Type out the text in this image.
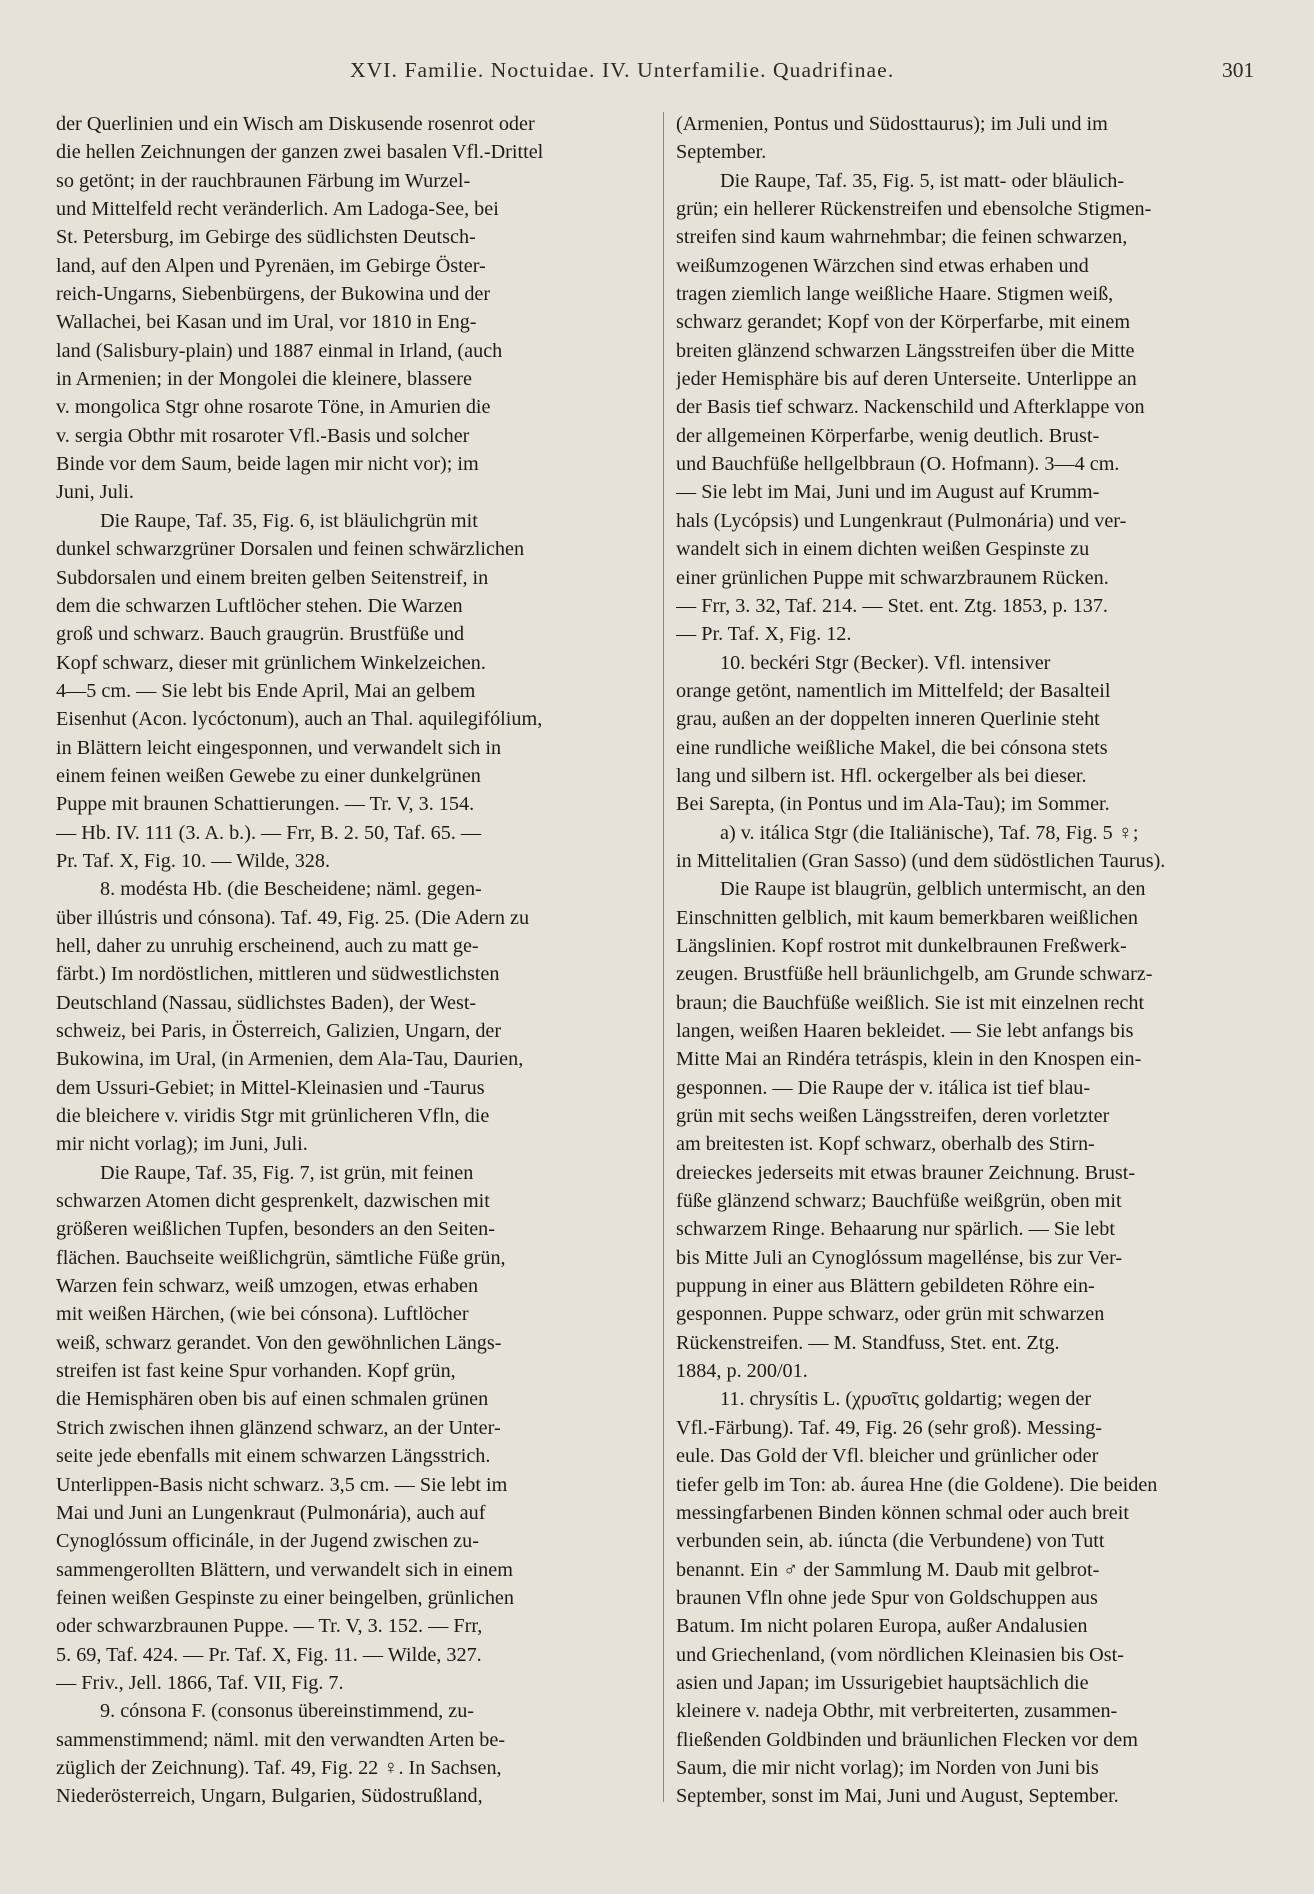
XVI. Familie. Noctuidae. IV. Unterfamilie. Quadrifinae.	301
der Querlinien und ein Wisch am Diskusende rosenrot oder
die hellen Zeichnungen der ganzen zwei basalen Vfl.-Drittel
so getönt; in der rauchbraunen Färbung im Wurzel-
und Mittelfeld recht veränderlich. Am Ladoga-See, bei
St. Petersburg, im Gebirge des südlichsten Deutsch-
land, auf den Alpen und Pyrenäen, im Gebirge Öster-
reich-Ungarns, Siebenbürgens, der Bukowina und der
Wallachei, bei Kasan und im Ural, vor 1810 in Eng-
land (Salisbury-plain) und 1887 einmal in Irland, (auch
in Armenien; in der Mongolei die kleinere, blassere
v. mongolica Stgr ohne rosarote Töne, in Amurien die
v. sergia Obthr mit rosaroter Vfl.-Basis und solcher
Binde vor dem Saum, beide lagen mir nicht vor); im
Juni, Juli.
Die Raupe, Taf. 35, Fig. 6, ist bläulichgrün mit
dunkel schwarzgrüner Dorsalen und feinen schwärzlichen
Subdorsalen und einem breiten gelben Seitenstreif, in
dem die schwarzen Luftlöcher stehen. Die Warzen
groß und schwarz. Bauch graugrün. Brustfüße und
Kopf schwarz, dieser mit grünlichem Winkelzeichen.
4—5 cm. — Sie lebt bis Ende April, Mai an gelbem
Eisenhut (Acon. lycóctonum), auch an Thal. aquilegifólium,
in Blättern leicht eingesponnen, und verwandelt sich in
einem feinen weißen Gewebe zu einer dunkelgrünen
Puppe mit braunen Schattierungen. — Tr. V, 3. 154.
— Hb. IV. 111 (3. A. b.). — Frr, B. 2. 50, Taf. 65. —
Pr. Taf. X, Fig. 10. — Wilde, 328.
8. modésta Hb. (die Bescheidene; näml. gegen-
über illústris und cónsona). Taf. 49, Fig. 25. (Die Adern zu
hell, daher zu unruhig erscheinend, auch zu matt ge-
färbt.) Im nordöstlichen, mittleren und südwestlichsten
Deutschland (Nassau, südlichstes Baden), der West-
schweiz, bei Paris, in Österreich, Galizien, Ungarn, der
Bukowina, im Ural, (in Armenien, dem Ala-Tau, Daurien,
dem Ussuri-Gebiet; in Mittel-Kleinasien und -Taurus
die bleichere v. viridis Stgr mit grünlicheren Vfln, die
mir nicht vorlag); im Juni, Juli.
Die Raupe, Taf. 35, Fig. 7, ist grün, mit feinen
schwarzen Atomen dicht gesprenkelt, dazwischen mit
größeren weißlichen Tupfen, besonders an den Seiten-
flächen. Bauchseite weißlichgrün, sämtliche Füße grün,
Warzen fein schwarz, weiß umzogen, etwas erhaben
mit weißen Härchen, (wie bei cónsona). Luftlöcher
weiß, schwarz gerandet. Von den gewöhnlichen Längs-
streifen ist fast keine Spur vorhanden. Kopf grün,
die Hemisphären oben bis auf einen schmalen grünen
Strich zwischen ihnen glänzend schwarz, an der Unter-
seite jede ebenfalls mit einem schwarzen Längsstrich.
Unterlippen-Basis nicht schwarz. 3,5 cm. — Sie lebt im
Mai und Juni an Lungenkraut (Pulmonária), auch auf
Cynoglóssum officinále, in der Jugend zwischen zu-
sammengerollten Blättern, und verwandelt sich in einem
feinen weißen Gespinste zu einer beingelben, grünlichen
oder schwarzbraunen Puppe. — Tr. V, 3. 152. — Frr,
5. 69, Taf. 424. — Pr. Taf. X, Fig. 11. — Wilde, 327.
— Friv., Jell. 1866, Taf. VII, Fig. 7.
9. cónsona F. (consonus übereinstimmend, zu-
sammenstimmend; näml. mit den verwandten Arten be-
züglich der Zeichnung). Taf. 49, Fig. 22 ♀. In Sachsen,
Niederösterreich, Ungarn, Bulgarien, Südostrußland,
(Armenien, Pontus und Südosttaurus); im Juli und im
September.
Die Raupe, Taf. 35, Fig. 5, ist matt- oder bläulich-
grün; ein hellerer Rückenstreifen und ebensolche Stigmen-
streifen sind kaum wahrnehmbar; die feinen schwarzen,
weißumzogenen Wärzchen sind etwas erhaben und
tragen ziemlich lange weißliche Haare. Stigmen weiß,
schwarz gerandet; Kopf von der Körperfarbe, mit einem
breiten glänzend schwarzen Längsstreifen über die Mitte
jeder Hemisphäre bis auf deren Unterseite. Unterlippe an
der Basis tief schwarz. Nackenschild und Afterklappe von
der allgemeinen Körperfarbe, wenig deutlich. Brust-
und Bauchfüße hellgelbbraun (O. Hofmann). 3—4 cm.
— Sie lebt im Mai, Juni und im August auf Krumm-
hals (Lycópsis) und Lungenkraut (Pulmonária) und ver-
wandelt sich in einem dichten weißen Gespinste zu
einer grünlichen Puppe mit schwarzbraunem Rücken.
— Frr, 3. 32, Taf. 214. — Stet. ent. Ztg. 1853, p. 137.
— Pr. Taf. X, Fig. 12.
10. beckéri Stgr (Becker). Vfl. intensiver
orange getönt, namentlich im Mittelfeld; der Basalteil
grau, außen an der doppelten inneren Querlinie steht
eine rundliche weißliche Makel, die bei cónsona stets
lang und silbern ist. Hfl. ockergelber als bei dieser.
Bei Sarepta, (in Pontus und im Ala-Tau); im Sommer.
a) v. itálica Stgr (die Italiänische), Taf. 78, Fig. 5 ♀;
in Mittelitalien (Gran Sasso) (und dem südöstlichen Taurus).
Die Raupe ist blaugrün, gelblich untermischt, an den
Einschnitten gelblich, mit kaum bemerkbaren weißlichen
Längslinien. Kopf rostrot mit dunkelbraunen Freßwerk-
zeugen. Brustfüße hell bräunlichgelb, am Grunde schwarz-
braun; die Bauchfüße weißlich. Sie ist mit einzelnen recht
langen, weißen Haaren bekleidet. — Sie lebt anfangs bis
Mitte Mai an Rindéra tetráspis, klein in den Knospen ein-
gesponnen. — Die Raupe der v. itálica ist tief blau-
grün mit sechs weißen Längsstreifen, deren vorletzter
am breitesten ist. Kopf schwarz, oberhalb des Stirn-
dreieckes jederseits mit etwas brauner Zeichnung. Brust-
füße glänzend schwarz; Bauchfüße weißgrün, oben mit
schwarzem Ringe. Behaarung nur spärlich. — Sie lebt
bis Mitte Juli an Cynoglóssum magellénse, bis zur Ver-
puppung in einer aus Blättern gebildeten Röhre ein-
gesponnen. Puppe schwarz, oder grün mit schwarzen
Rückenstreifen. — M. Standfuss, Stet. ent. Ztg.
1884, p. 200/01.
11. chrysítis L. (χρυσῖτις goldartig; wegen der
Vfl.-Färbung). Taf. 49, Fig. 26 (sehr groß). Messing-
eule. Das Gold der Vfl. bleicher und grünlicher oder
tiefer gelb im Ton: ab. áurea Hne (die Goldene). Die beiden
messingfarbenen Binden können schmal oder auch breit
verbunden sein, ab. iúncta (die Verbundene) von Tutt
benannt. Ein ♂ der Sammlung M. Daub mit gelbrot-
braunen Vfln ohne jede Spur von Goldschuppen aus
Batum. Im nicht polaren Europa, außer Andalusien
und Griechenland, (vom nördlichen Kleinasien bis Ost-
asien und Japan; im Ussurigebiet hauptsächlich die
kleinere v. nadeja Obthr, mit verbreiterten, zusammen-
fließenden Goldbinden und bräunlichen Flecken vor dem
Saum, die mir nicht vorlag); im Norden von Juni bis
September, sonst im Mai, Juni und August, September.
